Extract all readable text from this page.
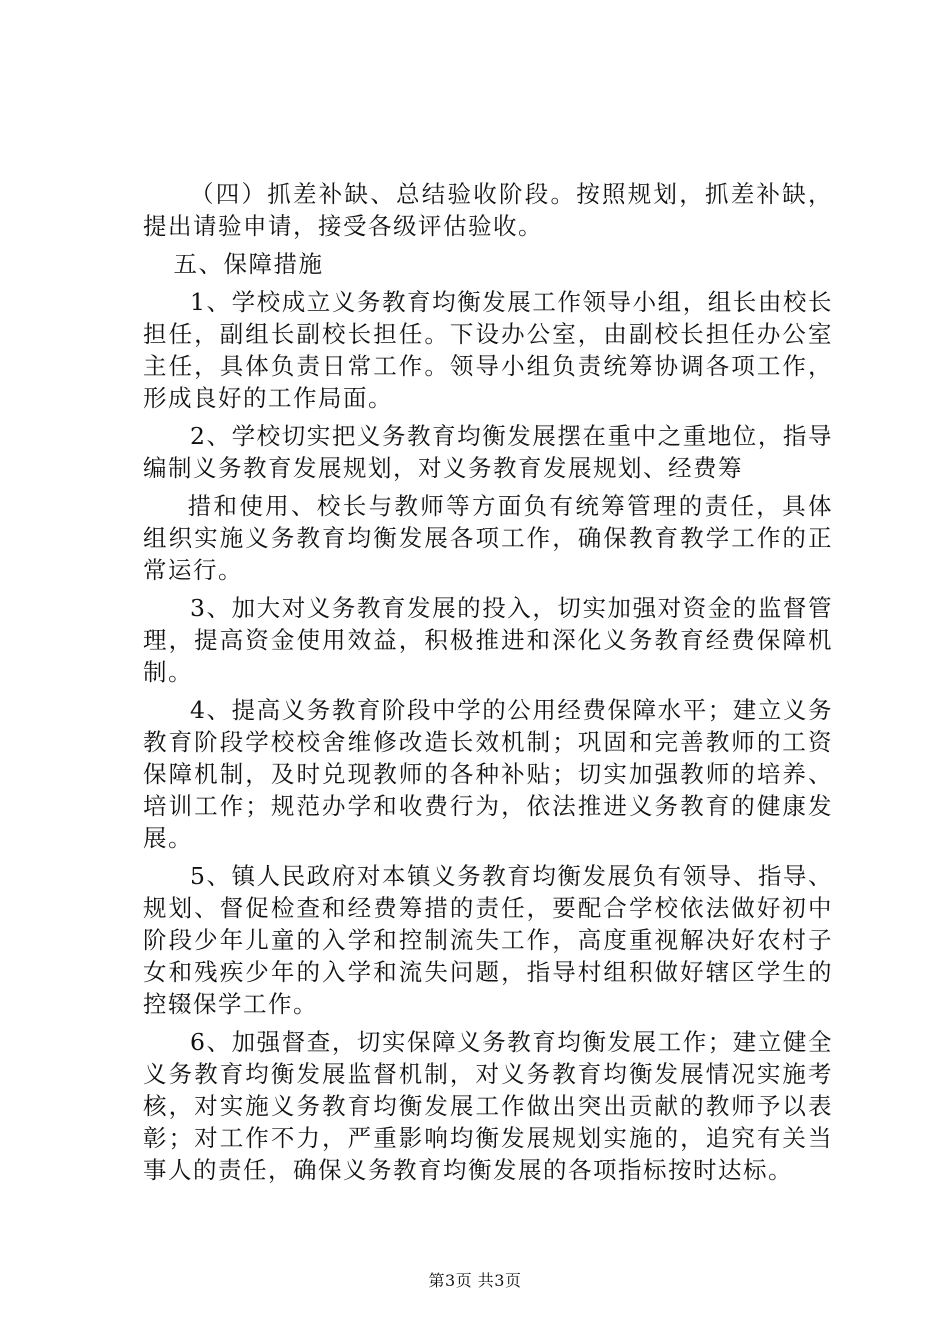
（四）抓差补缺、总结验收阶段。按照规划，抓差补缺，提出请验申请，接受各级评估验收。

五、保障措施

1、学校成立义务教育均衡发展工作领导小组，组长由校长担任，副组长副校长担任。下设办公室，由副校长担任办公室主任，具体负责日常工作。领导小组负责统筹协调各项工作，形成良好的工作局面。

2、学校切实把义务教育均衡发展摆在重中之重地位，指导编制义务教育发展规划，对义务教育发展规划、经费筹

措和使用、校长与教师等方面负有统筹管理的责任，具体组织实施义务教育均衡发展各项工作，确保教育教学工作的正常运行。

3、加大对义务教育发展的投入，切实加强对资金的监督管理，提高资金使用效益，积极推进和深化义务教育经费保障机制。

4、提高义务教育阶段中学的公用经费保障水平；建立义务教育阶段学校校舍维修改造长效机制；巩固和完善教师的工资保障机制，及时兑现教师的各种补贴；切实加强教师的培养、培训工作；规范办学和收费行为，依法推进义务教育的健康发展。

5、镇人民政府对本镇义务教育均衡发展负有领导、指导、规划、督促检查和经费筹措的责任，要配合学校依法做好初中阶段少年儿童的入学和控制流失工作，高度重视解决好农村子女和残疾少年的入学和流失问题，指导村组积做好辖区学生的控辍保学工作。

6、加强督查，切实保障义务教育均衡发展工作；建立健全义务教育均衡发展监督机制，对义务教育均衡发展情况实施考核，对实施义务教育均衡发展工作做出突出贡献的教师予以表彰；对工作不力，严重影响均衡发展规划实施的，追究有关当事人的责任，确保义务教育均衡发展的各项指标按时达标。

第3页 共3页
